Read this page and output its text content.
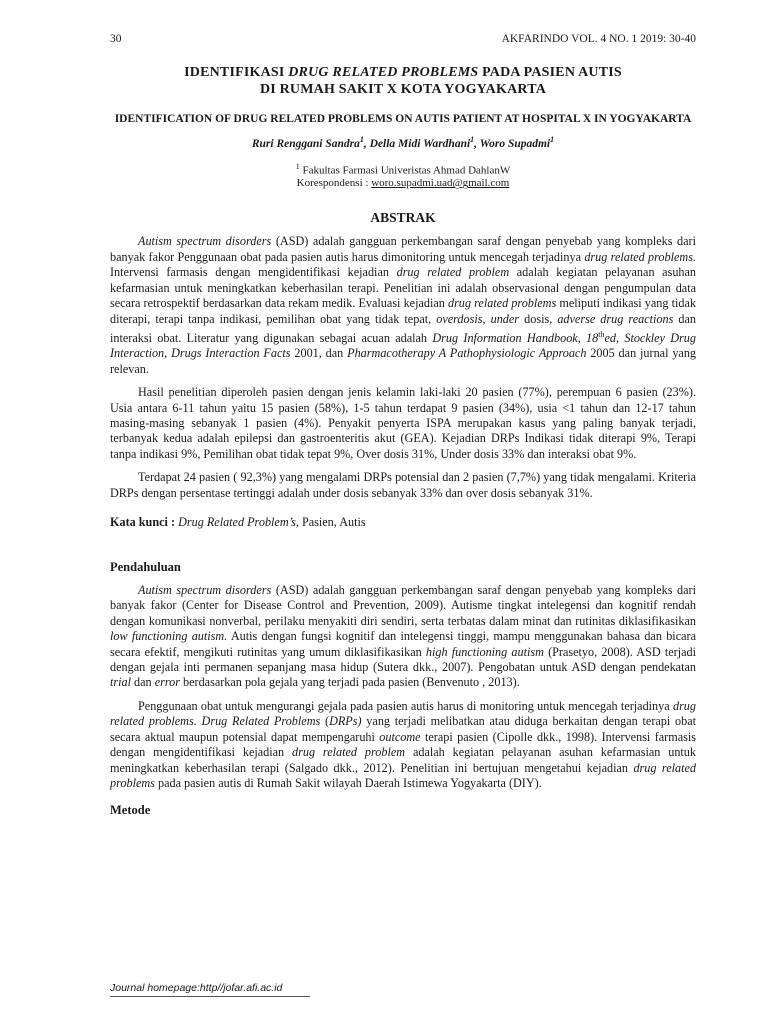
30	AKFARINDO VOL. 4 NO. 1 2019: 30-40
IDENTIFIKASI DRUG RELATED PROBLEMS PADA PASIEN AUTIS
DI RUMAH SAKIT X KOTA YOGYAKARTA
IDENTIFICATION OF DRUG RELATED PROBLEMS ON AUTIS PATIENT AT HOSPITAL X IN YOGYAKARTA
Ruri Renggani Sandra$^1$, Della Midi Wardhani$^1$, Woro Supadmi$^1$
$^1$ Fakultas Farmasi Univeristas Ahmad DahlanW
Korespondensi : woro.supadmi.uad@gmail.com
ABSTRAK

Autism spectrum disorders (ASD) adalah gangguan perkembangan saraf dengan penyebab yang kompleks dari banyak fakor Penggunaan obat pada pasien autis harus dimonitoring untuk mencegah terjadinya drug related problems. Intervensi farmasis dengan mengidentifikasi kejadian drug related problem adalah kegiatan pelayanan asuhan kefarmasian untuk meningkatkan keberhasilan terapi. Penelitian ini adalah observasional dengan pengumpulan data secara retrospektif berdasarkan data rekam medik. Evaluasi kejadian drug related problems meliputi indikasi yang tidak diterapi, terapi tanpa indikasi, pemilihan obat yang tidak tepat, overdosis, under dosis, adverse drug reactions dan interaksi obat. Literatur yang digunakan sebagai acuan adalah Drug Information Handbook, 18thed, Stockley Drug Interaction, Drugs Interaction Facts 2001, dan Pharmacotherapy A Pathophysiologic Approach 2005 dan jurnal yang relevan.

Hasil penelitian diperoleh pasien dengan jenis kelamin laki-laki 20 pasien (77%), perempuan 6 pasien (23%). Usia antara 6-11 tahun yaitu 15 pasien (58%), 1-5 tahun terdapat 9 pasien (34%), usia <1 tahun dan 12-17 tahun masing-masing sebanyak 1 pasien (4%). Penyakit penyerta ISPA merupakan kasus yang paling banyak terjadi, terbanyak kedua adalah epilepsi dan gastroenteritis akut (GEA). Kejadian DRPs Indikasi tidak diterapi 9%, Terapi tanpa indikasi 9%, Pemilihan obat tidak tepat 9%, Over dosis 31%, Under dosis 33% dan interaksi obat 9%.

Terdapat 24 pasien ( 92,3%) yang mengalami DRPs potensial dan 2 pasien (7,7%) yang tidak mengalami. Kriteria DRPs dengan persentase tertinggi adalah under dosis sebanyak 33% dan over dosis sebanyak 31%.

Kata kunci : Drug Related Problem’s, Pasien, Autis
Pendahuluan

Autism spectrum disorders (ASD) adalah gangguan perkembangan saraf dengan penyebab yang kompleks dari banyak fakor (Center for Disease Control and Prevention, 2009). Autisme tingkat intelegensi dan kognitif rendah dengan komunikasi nonverbal, perilaku menyakiti diri sendiri, serta terbatas dalam minat dan rutinitas diklasifikasikan low functioning autism. Autis dengan fungsi kognitif dan intelegensi tinggi, mampu menggunakan bahasa dan bicara secara efektif, mengikuti rutinitas yang umum diklasifikasikan high functioning autism (Prasetyo, 2008). ASD terjadi dengan gejala inti permanen sepanjang masa hidup (Sutera dkk., 2007). Pengobatan untuk ASD dengan pendekatan trial dan error berdasarkan pola gejala yang terjadi pada pasien (Benvenuto , 2013).

Penggunaan obat untuk mengurangi gejala pada pasien autis harus di monitoring untuk mencegah terjadinya drug related problems. Drug Related Problems (DRPs) yang terjadi melibatkan atau diduga berkaitan dengan terapi obat secara aktual maupun potensial dapat mempengaruhi outcome terapi pasien (Cipolle dkk., 1998). Intervensi farmasis dengan mengidentifikasi kejadian drug related problem adalah kegiatan pelayanan asuhan kefarmasian untuk meningkatkan keberhasilan terapi (Salgado dkk., 2012). Penelitian ini bertujuan mengetahui kejadian drug related problems pada pasien autis di Rumah Sakit wilayah Daerah Istimewa Yogyakarta (DIY).

Metode
Journal homepage:http//jofar.afi.ac.id
